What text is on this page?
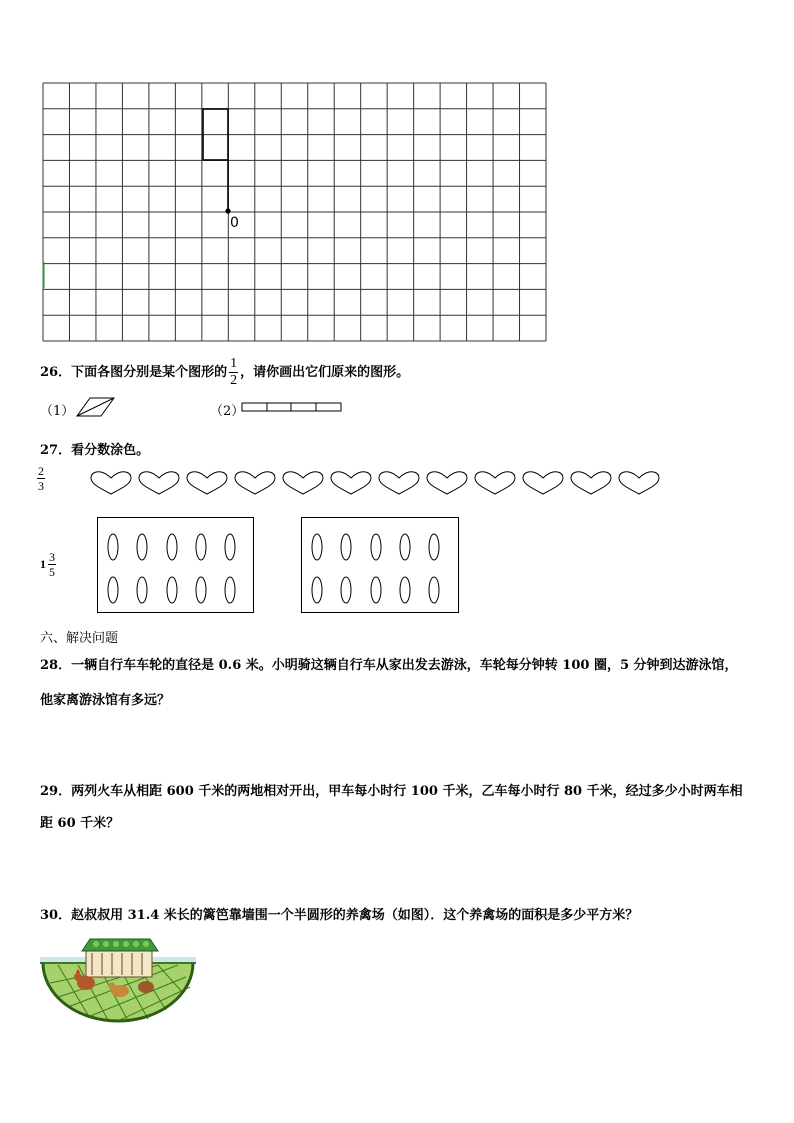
0
26．下面各图分别是某个图形的 $\frac{1}{2}$ ，请你画出它们原来的图形。
（1）	（2）
27．看分数涂色。
$\frac{2}{3}$
$1 \frac{3}{5}$
六、解决问题
28．一辆自行车车轮的直径是 0.6 米。小明骑这辆自行车从家出发去游泳，车轮每分钟转 100 圈，5 分钟到达游泳馆，
他家离游泳馆有多远？
29．两列火车从相距 600 千米的两地相对开出，甲车每小时行 100 千米，乙车每小时行 80 千米，经过多少小时两车相
距 60 千米？
30．赵叔叔用 31.4 米长的篱笆靠墙围一个半圆形的养禽场（如图）．这个养禽场的面积是多少平方米？
